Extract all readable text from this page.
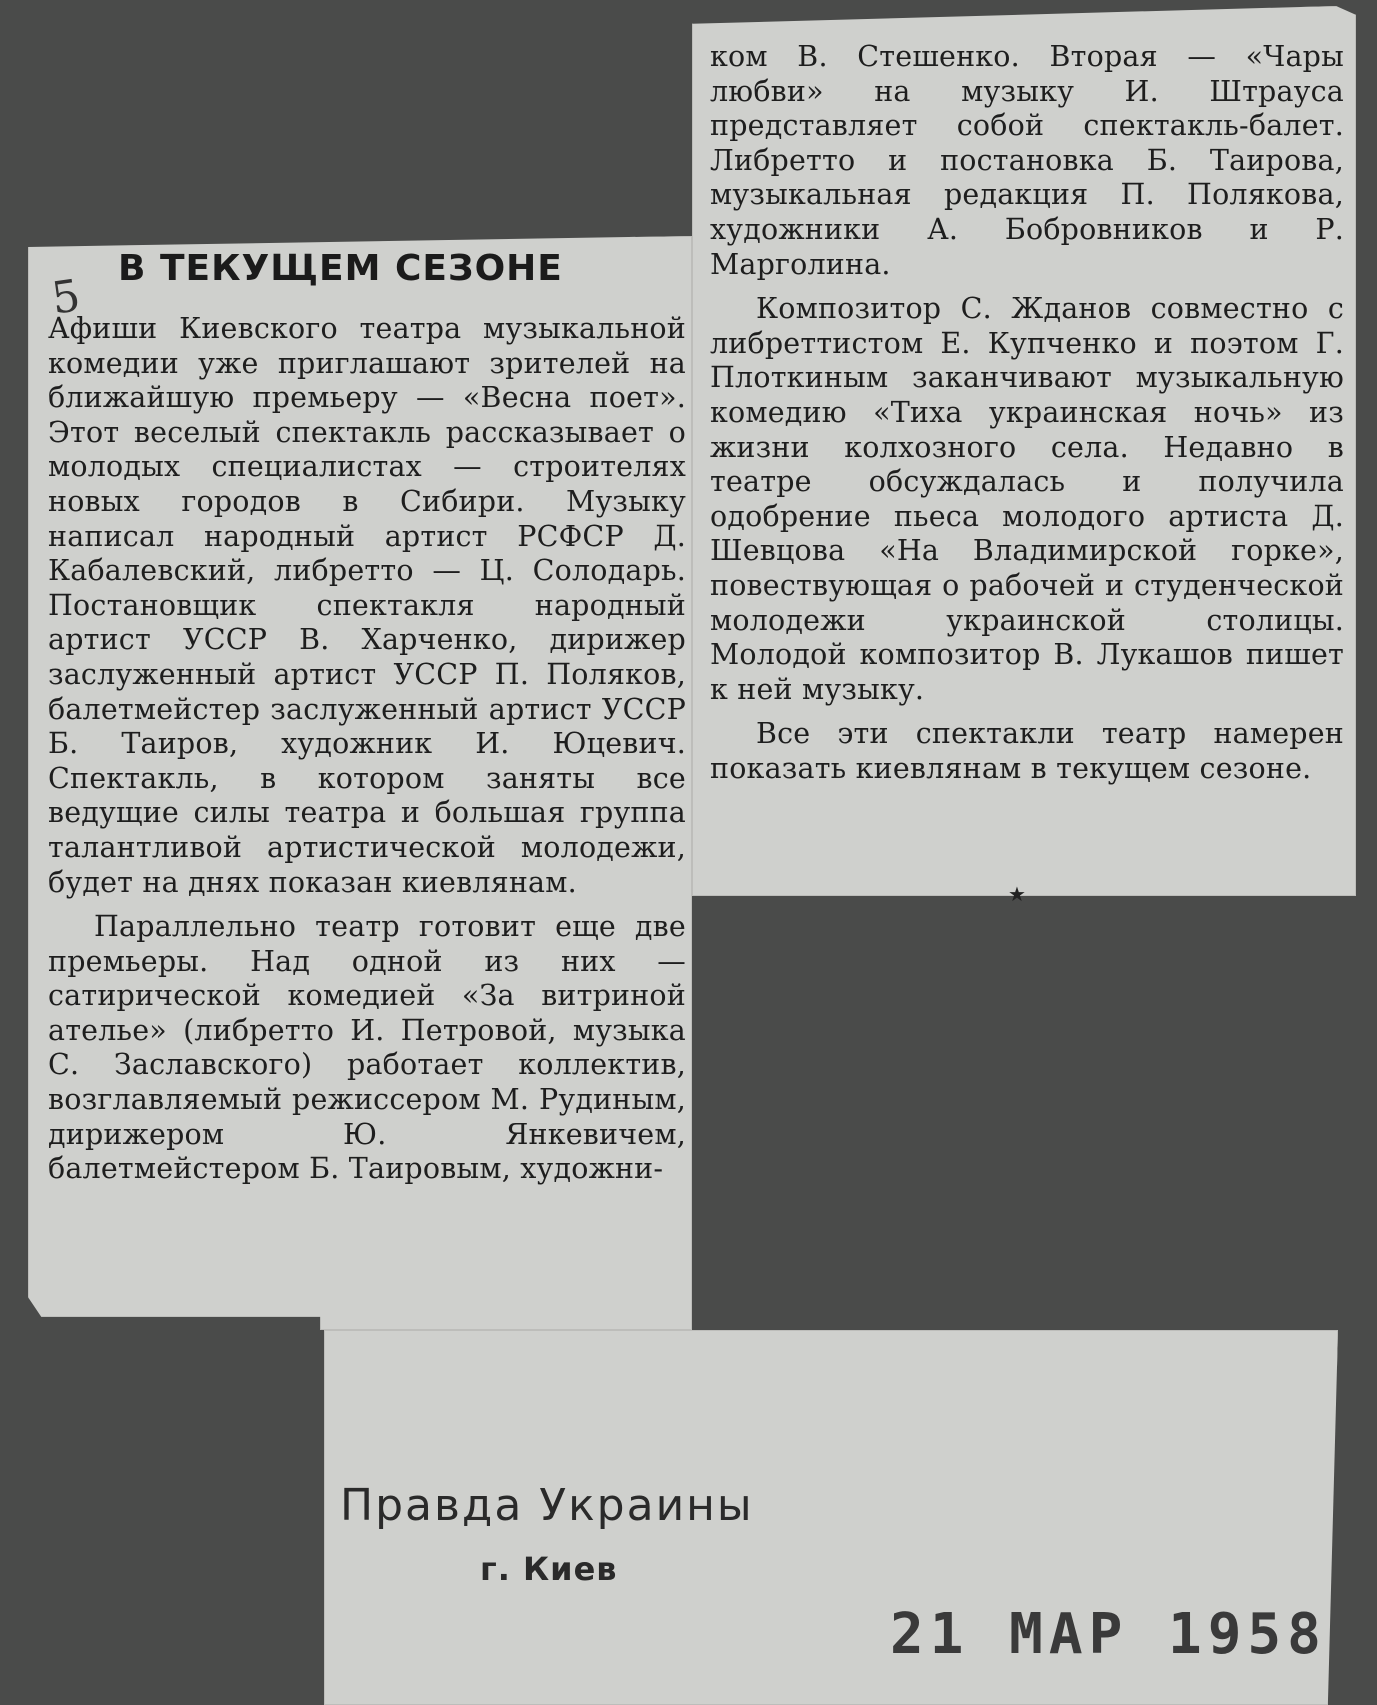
5
В ТЕКУЩЕМ СЕЗОНЕ

Афиши Киевского театра музыкальной комедии уже приглашают зрителей на ближайшую премьеру — «Весна поет». Этот веселый спектакль рассказывает о молодых специалистах — строителях новых городов в Сибири. Музыку написал народный артист РСФСР Д. Кабалевский, либретто — Ц. Солодарь. Постановщик спектакля народный артист УССР В. Харченко, дирижер заслуженный артист УССР П. Поляков, балетмейстер заслуженный артист УССР Б. Таиров, художник И. Юцевич. Спектакль, в котором заняты все ведущие силы театра и большая группа талантливой артистической молодежи, будет на днях показан киевлянам.

Параллельно театр готовит еще две премьеры. Над одной из них — сатирической комедией «За витриной ателье» (либретто И. Петровой, музыка С. Заславского) работает коллектив, возглавляемый режиссером М. Рудиным, дирижером Ю. Янкевичем, балетмейстером Б. Таировым, художни-

ком В. Стешенко. Вторая — «Чары любви» на музыку И. Штрауса представляет собой спектакль-балет. Либретто и постановка Б. Таирова, музыкальная редакция П. Полякова, художники А. Бобровников и Р. Марголина.

Композитор С. Жданов совместно с либреттистом Е. Купченко и поэтом Г. Плоткиным заканчивают музыкальную комедию «Тиха украинская ночь» из жизни колхозного села. Недавно в театре обсуждалась и получила одобрение пьеса молодого артиста Д. Шевцова «На Владимирской горке», повествующая о рабочей и студенческой молодежи украинской столицы. Молодой композитор В. Лукашов пишет к ней музыку.

Все эти спектакли театр намерен показать киевлянам в текущем сезоне.

★

Правда Украины

г. Киев

21 МАР 1958
